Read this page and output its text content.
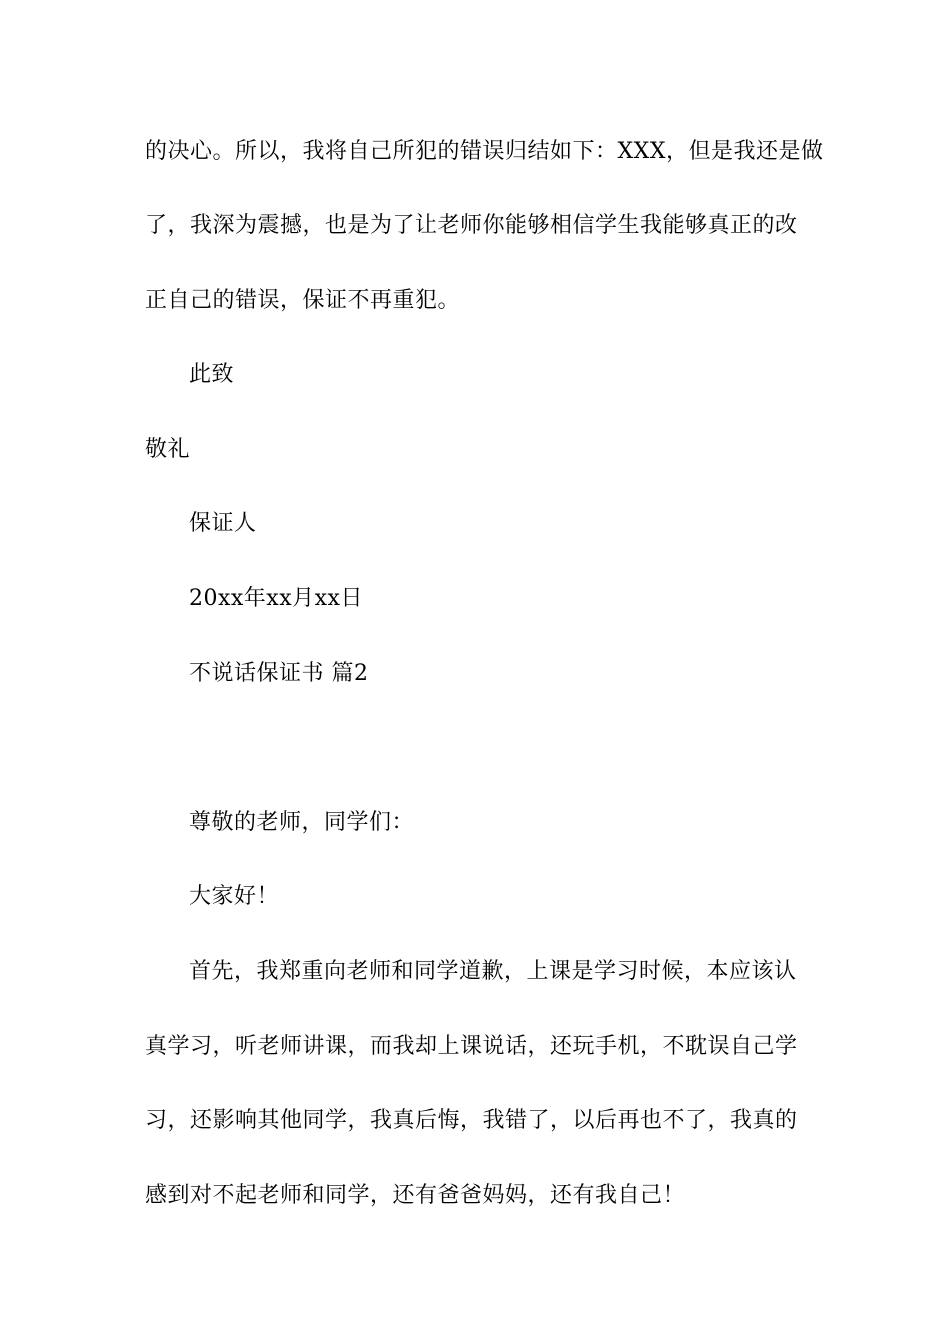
的决心。所以，我将自己所犯的错误归结如下：XXX，但是我还是做
了，我深为震撼，也是为了让老师你能够相信学生我能够真正的改
正自己的错误，保证不再重犯。
此致
敬礼
保证人
20xx年xx月xx日
不说话保证书 篇2
尊敬的老师，同学们：
大家好！
首先，我郑重向老师和同学道歉，上课是学习时候，本应该认
真学习，听老师讲课，而我却上课说话，还玩手机，不耽误自己学
习，还影响其他同学，我真后悔，我错了，以后再也不了，我真的
感到对不起老师和同学，还有爸爸妈妈，还有我自己！
